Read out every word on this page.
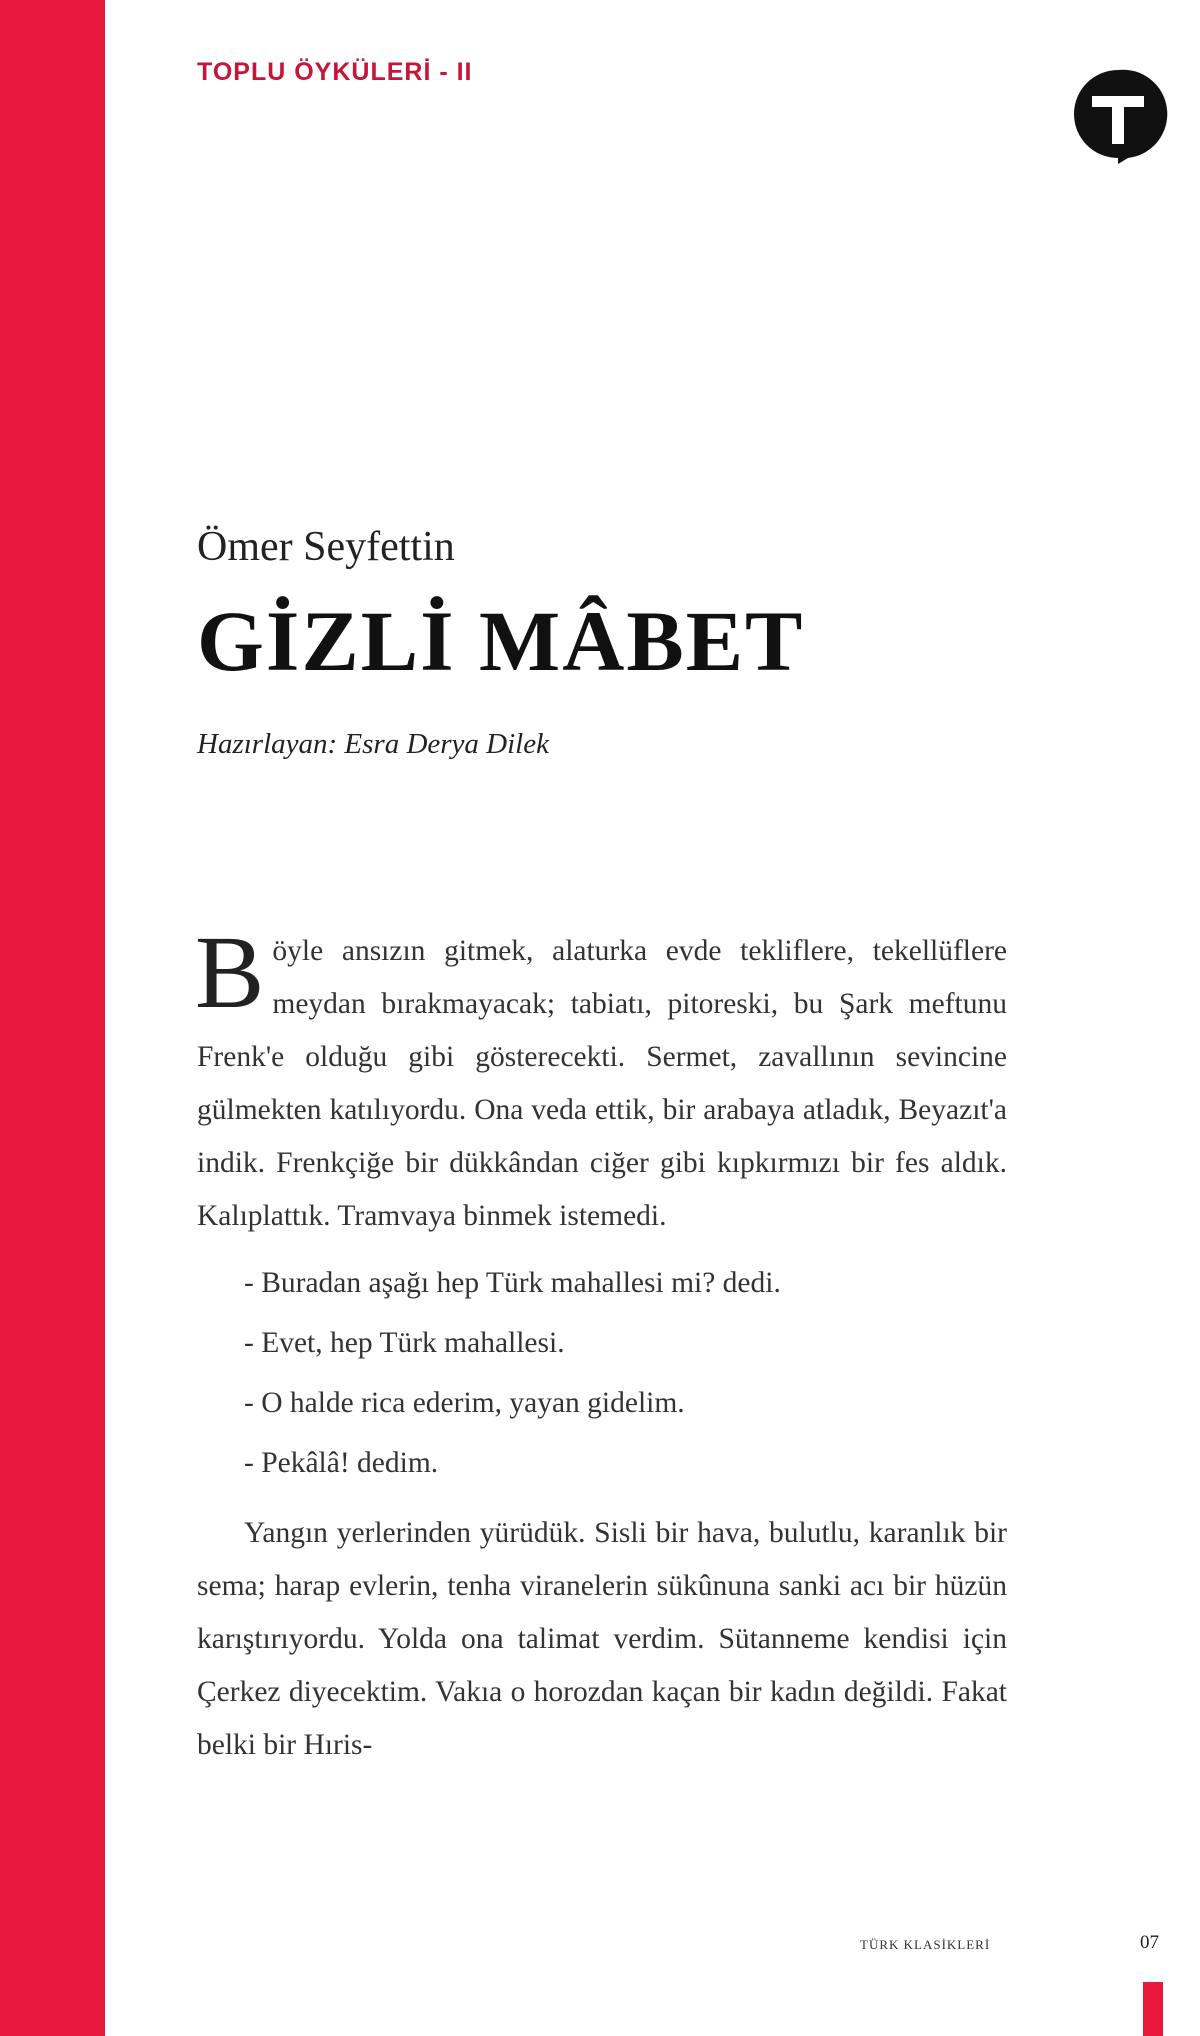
TOPLU ÖYKÜLERİ - II
Ömer Seyfettin
GİZLİ MÂBET
Hazırlayan: Esra Derya Dilek

Böyle ansızın gitmek, alaturka evde tekliflere, tekellüflere meydan bırakmayacak; tabiatı, pitoreski, bu Şark meftunu Frenk'e olduğu gibi gösterecekti. Sermet, zavallının sevincine gülmekten katılıyordu. Ona veda ettik, bir arabaya atladık, Beyazıt'a indik. Frenkçiğe bir dükkândan ciğer gibi kıpkırmızı bir fes aldık. Kalıplattık. Tramvaya binmek istemedi.

- Buradan aşağı hep Türk mahallesi mi? dedi.

- Evet, hep Türk mahallesi.

- O halde rica ederim, yayan gidelim.

- Pekâlâ! dedim.

Yangın yerlerinden yürüdük. Sisli bir hava, bulutlu, karanlık bir sema; harap evlerin, tenha viranelerin sükûnuna sanki acı bir hüzün karıştırıyordu. Yolda ona talimat verdim. Sütanneme kendisi için Çerkez diyecektim. Vakıa o horozdan kaçan bir kadın değildi. Fakat belki bir Hıris-

TÜRK KLASİKLERİ	07
